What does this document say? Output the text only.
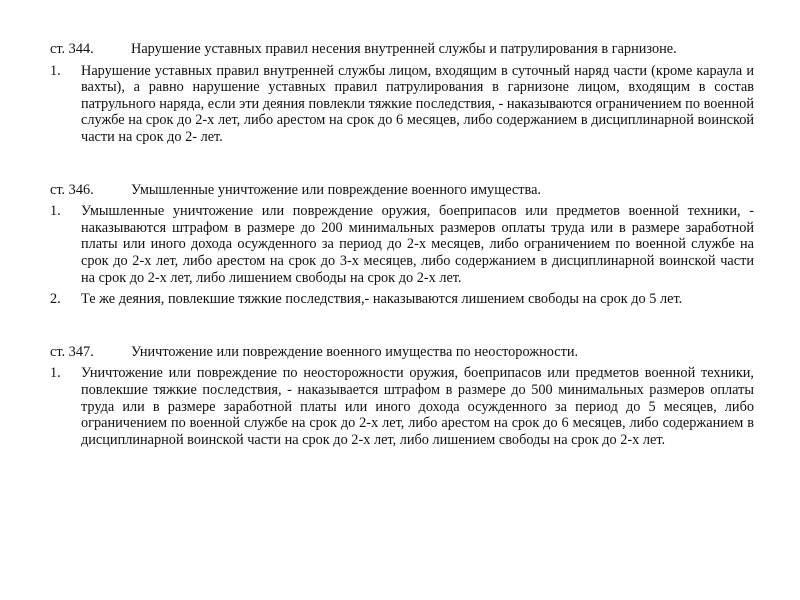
ст. 344.	Нарушение уставных правил несения внутренней службы и патрулирования в гарнизоне.
1.	Нарушение уставных правил внутренней службы лицом, входящим в суточный наряд части (кроме караула и вахты), а равно нарушение уставных правил патрулирования в гарнизоне лицом, входящим в состав патрульного наряда, если эти деяния повлекли тяжкие последствия, - наказываются ограничением по военной службе на срок до 2-х лет, либо арестом на срок до 6 месяцев, либо содержанием в дисциплинарной воинской части на срок до 2- лет.
ст. 346.	Умышленные уничтожение или повреждение военного имущества.
1.	Умышленные уничтожение или повреждение оружия, боеприпасов или предметов военной техники, - наказываются штрафом в размере до 200 минимальных размеров оплаты труда или в размере заработной платы или иного дохода осужденного за период до 2-х месяцев, либо ограничением по военной службе на срок до 2-х лет, либо арестом на срок до 3-х месяцев, либо содержанием в дисциплинарной воинской части на срок до 2-х лет, либо лишением свободы на срок до 2-х лет.
2.	Те же деяния, повлекшие тяжкие последствия,- наказываются лишением свободы на срок до 5 лет.
ст. 347.	Уничтожение или повреждение военного имущества по неосторожности.
1.	Уничтожение или повреждение по неосторожности оружия, боеприпасов или предметов военной техники, повлекшие тяжкие последствия, - наказывается штрафом в размере до 500 минимальных размеров оплаты труда или в размере заработной платы или иного дохода осужденного за период до 5 месяцев, либо ограничением по военной службе на срок до 2-х лет, либо арестом на срок до 6 месяцев, либо содержанием в дисциплинарной воинской части на срок до 2-х лет, либо лишением свободы на срок до 2-х лет.
